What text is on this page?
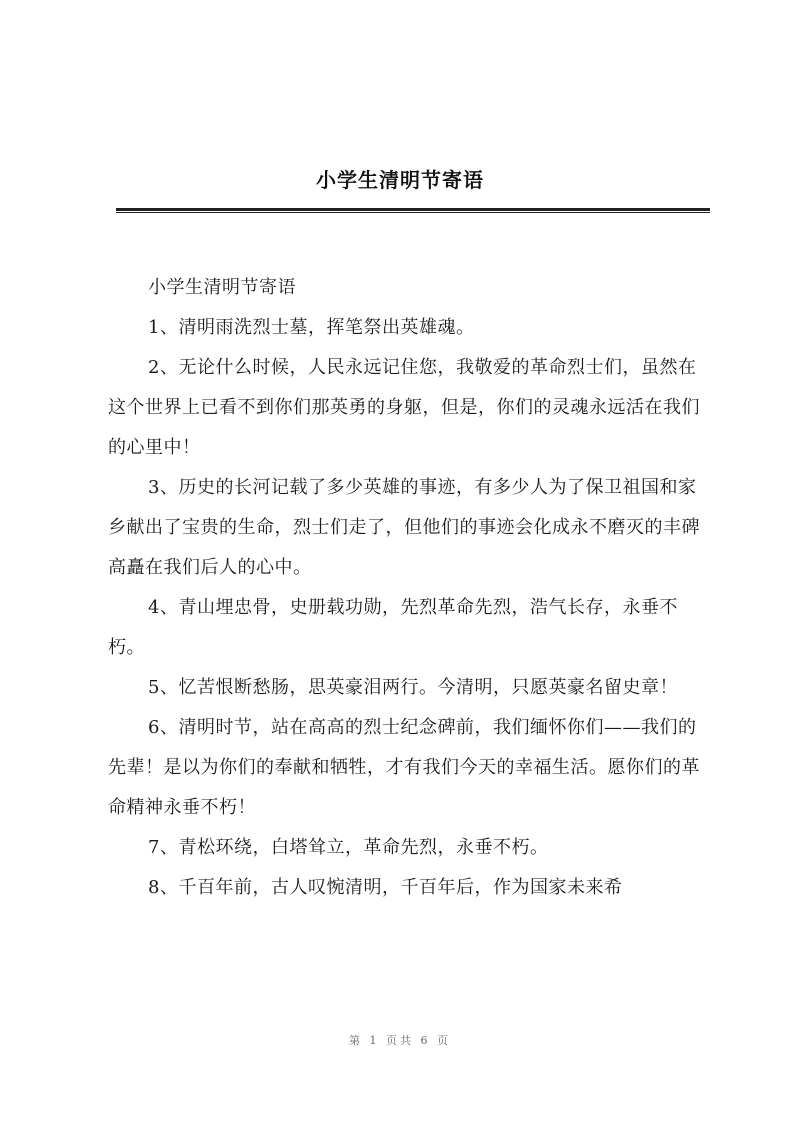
小学生清明节寄语

小学生清明节寄语

1、清明雨洗烈士墓，挥笔祭出英雄魂。

2、无论什么时候，人民永远记住您，我敬爱的革命烈士们，虽然在这个世界上已看不到你们那英勇的身躯，但是，你们的灵魂永远活在我们的心里中！

3、历史的长河记载了多少英雄的事迹，有多少人为了保卫祖国和家乡献出了宝贵的生命，烈士们走了，但他们的事迹会化成永不磨灭的丰碑高矗在我们后人的心中。

4、青山埋忠骨，史册载功勋，先烈革命先烈，浩气长存，永垂不朽。

5、忆苦恨断愁肠，思英豪泪两行。今清明，只愿英豪名留史章！

6、清明时节，站在高高的烈士纪念碑前，我们缅怀你们——我们的先辈！是以为你们的奉献和牺牲，才有我们今天的幸福生活。愿你们的革命精神永垂不朽！

7、青松环绕，白塔耸立，革命先烈，永垂不朽。

8、千百年前，古人叹惋清明，千百年后，作为国家未来希

第 1 页共 6 页
